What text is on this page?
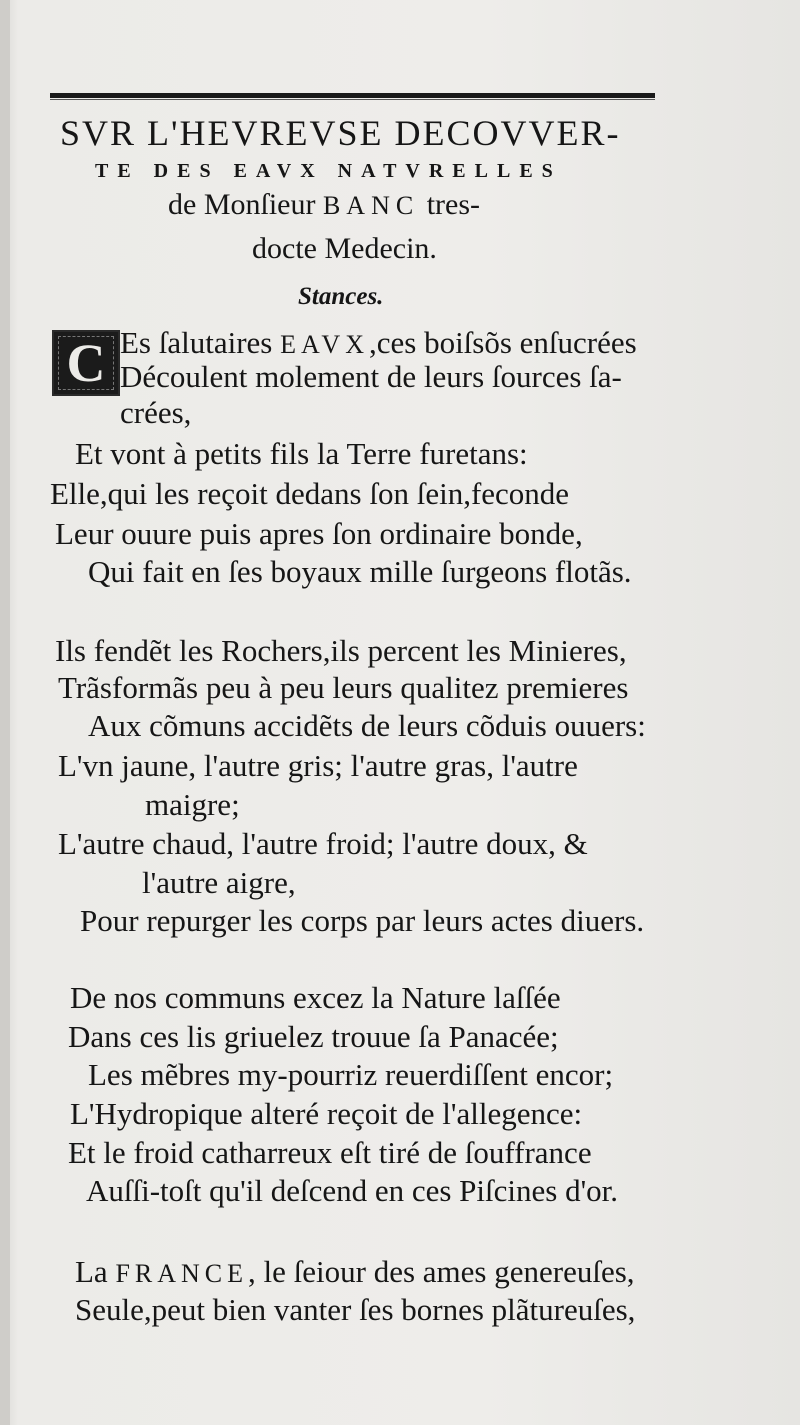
SVR L'HEVREVSE DECOVVER-
TE DES EAVX NATVRELLES
de Monſieur BANC tres-
docte Medecin.
Stances.
C Es ſalutaires EAVX,ces boiſsõs enſucrées
Découlent molement de leurs ſources ſa-
crées,
Et vont à petits fils la Terre furetans:
Elle,qui les reçoit dedans ſon ſein,feconde
Leur ouure puis apres ſon ordinaire bonde,
Qui fait en ſes boyaux mille ſurgeons flotãs.
Ils fendẽt les Rochers,ils percent les Minieres,
Trãsformãs peu à peu leurs qualitez premieres
Aux cõmuns accidẽts de leurs cõduis ouuers:
L'vn jaune, l'autre gris; l'autre gras, l'autre
maigre;
L'autre chaud, l'autre froid; l'autre doux, &
l'autre aigre,
Pour repurger les corps par leurs actes diuers.
De nos communs excez la Nature laſſée
Dans ces lis griuelez trouue ſa Panacée;
Les mẽbres my-pourriz reuerdiſſent encor;
L'Hydropique alteré reçoit de l'allegence:
Et le froid catharreux eſt tiré de ſouffrance
Auſſi-toſt qu'il deſcend en ces Piſcines d'or.
La FRANCE, le ſeiour des ames genereuſes,
Seule,peut bien vanter ſes bornes plãtureuſes,
